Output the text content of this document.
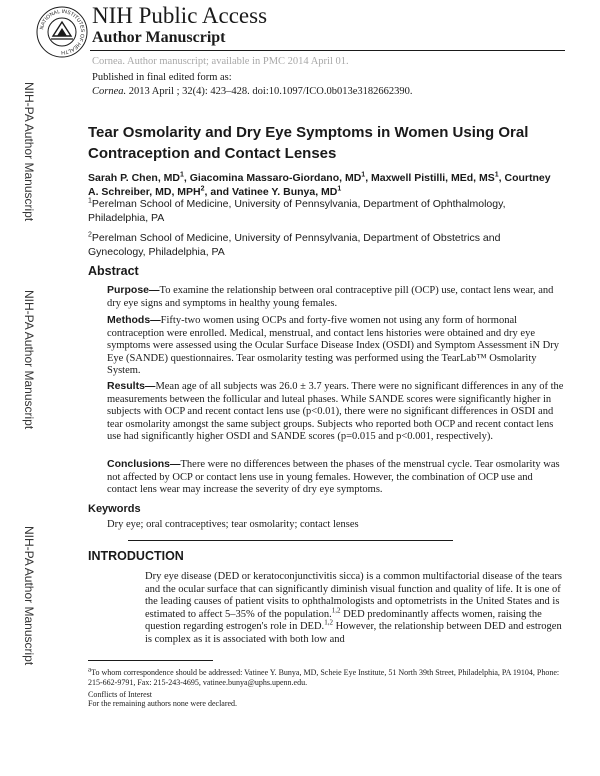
NATIONAL INSTITUTES OF HEALTH
NIH Public Access
Author Manuscript
Cornea. Author manuscript; available in PMC 2014 April 01.
Published in final edited form as:
Cornea. 2013 April ; 32(4): 423–428. doi:10.1097/ICO.0b013e3182662390.
NIH-PA Author Manuscript
NIH-PA Author Manuscript
NIH-PA Author Manuscript
Tear Osmolarity and Dry Eye Symptoms in Women Using Oral Contraception and Contact Lenses
Sarah P. Chen, $MD^1$, Giacomina Massaro-Giordano, $MD^1$, Maxwell Pistilli, MEd, $MS^1$, Courtney A. Schreiber, MD, MPH$^2$, and Vatinee Y. Bunya, $MD^1$
$^1$Perelman School of Medicine, University of Pennsylvania, Department of Ophthalmology, Philadelphia, PA
$^2$Perelman School of Medicine, University of Pennsylvania, Department of Obstetrics and Gynecology, Philadelphia, PA
Abstract
Purpose—To examine the relationship between oral contraceptive pill (OCP) use, contact lens wear, and dry eye signs and symptoms in healthy young females.
Methods—Fifty-two women using OCPs and forty-five women not using any form of hormonal contraception were enrolled. Medical, menstrual, and contact lens histories were obtained and dry eye symptoms were assessed using the Ocular Surface Disease Index (OSDI) and Symptom Assessment iN Dry Eye (SANDE) questionnaires. Tear osmolarity testing was performed using the TearLab™ Osmolarity System.
Results—Mean age of all subjects was 26.0 ± 3.7 years. There were no significant differences in any of the measurements between the follicular and luteal phases. While SANDE scores were significantly higher in subjects with OCP and recent contact lens use (p<0.01), there were no significant differences in OSDI and tear osmolarity amongst the same subject groups. Subjects who reported both OCP and recent contact lens use had significantly higher OSDI and SANDE scores (p=0.015 and p<0.001, respectively).
Conclusions—There were no differences between the phases of the menstrual cycle. Tear osmolarity was not affected by OCP or contact lens use in young females. However, the combination of OCP use and contact lens wear may increase the severity of dry eye symptoms.
Keywords
Dry eye; oral contraceptives; tear osmolarity; contact lenses
INTRODUCTION
Dry eye disease (DED or keratoconjunctivitis sicca) is a common multifactorial disease of the tears and the ocular surface that can significantly diminish visual function and quality of life. It is one of the leading causes of patient visits to ophthalmologists and optometrists in the United States and is estimated to affect 5–35% of the population.$^{1,2}$ DED predominantly affects women, raising the question regarding estrogen's role in DED.$^{1,2}$ However, the relationship between DED and estrogen is complex as it is associated with both low and
$^a$To whom correspondence should be addressed: Vatinee Y. Bunya, MD, Scheie Eye Institute, 51 North 39th Street, Philadelphia, PA 19104, Phone: 215-662-9791, Fax: 215-243-4695, vatinee.bunya@uphs.upenn.edu.
Conflicts of Interest
For the remaining authors none were declared.
